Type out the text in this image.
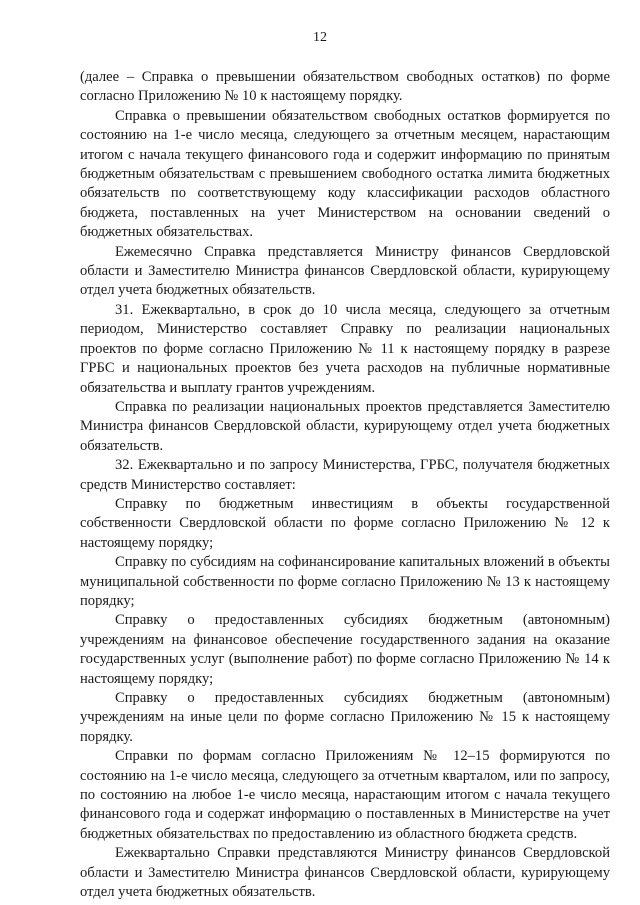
12

(далее – Справка о превышении обязательством свободных остатков) по форме согласно Приложению № 10 к настоящему порядку.

Справка о превышении обязательством свободных остатков формируется по состоянию на 1-е число месяца, следующего за отчетным месяцем, нарастающим итогом с начала текущего финансового года и содержит информацию по принятым бюджетным обязательствам с превышением свободного остатка лимита бюджетных обязательств по соответствующему коду классификации расходов областного бюджета, поставленных на учет Министерством на основании сведений о бюджетных обязательствах.

Ежемесячно Справка представляется Министру финансов Свердловской области и Заместителю Министра финансов Свердловской области, курирующему отдел учета бюджетных обязательств.

31. Ежеквартально, в срок до 10 числа месяца, следующего за отчетным периодом, Министерство составляет Справку по реализации национальных проектов по форме согласно Приложению № 11 к настоящему порядку в разрезе ГРБС и национальных проектов без учета расходов на публичные нормативные обязательства и выплату грантов учреждениям.

Справка по реализации национальных проектов представляется Заместителю Министра финансов Свердловской области, курирующему отдел учета бюджетных обязательств.

32. Ежеквартально и по запросу Министерства, ГРБС, получателя бюджетных средств Министерство составляет:

Справку по бюджетным инвестициям в объекты государственной собственности Свердловской области по форме согласно Приложению № 12 к настоящему порядку;

Справку по субсидиям на софинансирование капитальных вложений в объекты муниципальной собственности по форме согласно Приложению № 13 к настоящему порядку;

Справку о предоставленных субсидиях бюджетным (автономным) учреждениям на финансовое обеспечение государственного задания на оказание государственных услуг (выполнение работ) по форме согласно Приложению № 14 к настоящему порядку;

Справку о предоставленных субсидиях бюджетным (автономным) учреждениям на иные цели по форме согласно Приложению № 15 к настоящему порядку.

Справки по формам согласно Приложениям № 12–15 формируются по состоянию на 1-е число месяца, следующего за отчетным кварталом, или по запросу, по состоянию на любое 1-е число месяца, нарастающим итогом с начала текущего финансового года и содержат информацию о поставленных в Министерстве на учет бюджетных обязательствах по предоставлению из областного бюджета средств.

Ежеквартально Справки представляются Министру финансов Свердловской области и Заместителю Министра финансов Свердловской области, курирующему отдел учета бюджетных обязательств.
